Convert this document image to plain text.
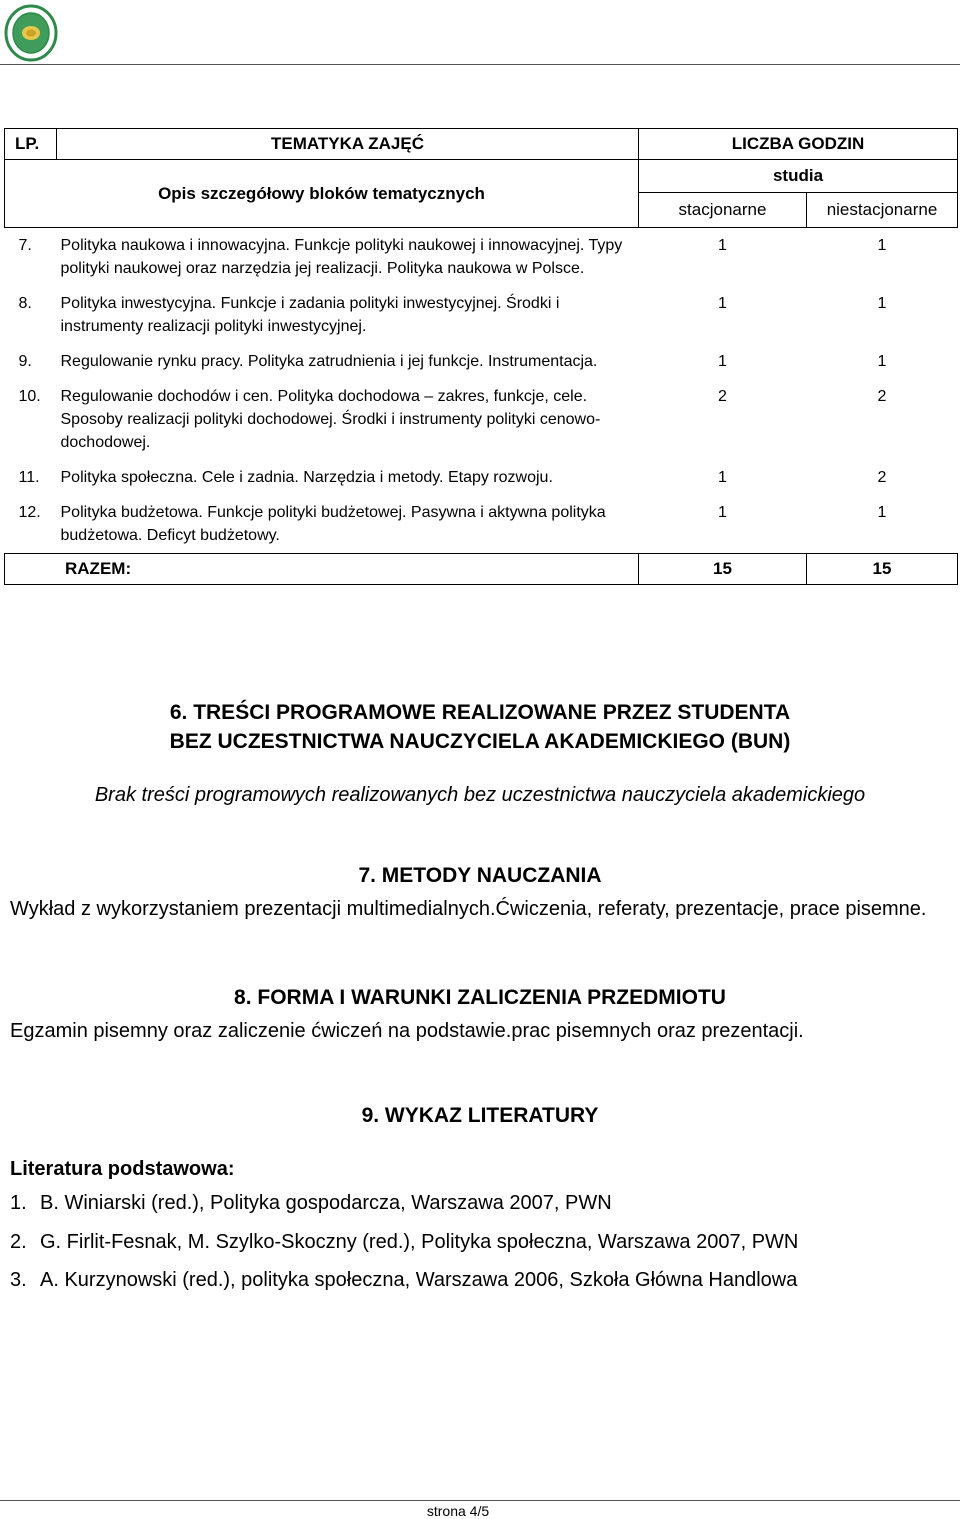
LP.	TEMATYKA ZAJĘĆ	LICZBA GODZIN	
Opis szczegółowy bloków tematycznych		studia	
		stacjonarne	niestacjonarne
7.	Polityka naukowa i innowacyjna. Funkcje polityki naukowej i innowacyjnej. Typy polityki naukowej oraz narzędzia jej realizacji. Polityka naukowa w Polsce.	1	1
8.	Polityka inwestycyjna. Funkcje i zadania polityki inwestycyjnej. Środki i instrumenty realizacji polityki inwestycyjnej.	1	1
9.	Regulowanie rynku pracy. Polityka zatrudnienia i jej funkcje. Instrumentacja.	1	1
10.	Regulowanie dochodów i cen. Polityka dochodowa – zakres, funkcje, cele. Sposoby realizacji polityki dochodowej. Środki i instrumenty polityki cenowo-dochodowej.	2	2
11.	Polityka społeczna. Cele i zadnia. Narzędzia i metody. Etapy rozwoju.	1	2
12.	Polityka budżetowa. Funkcje polityki budżetowej. Pasywna i aktywna polityka budżetowa. Deficyt budżetowy.	1	1
RAZEM:		15	15
6. TREŚCI PROGRAMOWE REALIZOWANE PRZEZ STUDENTA
BEZ UCZESTNICTWA NAUCZYCIELA AKADEMICKIEGO (BUN)
Brak treści programowych realizowanych bez uczestnictwa nauczyciela akademickiego
7. METODY NAUCZANIA
Wykład z wykorzystaniem prezentacji multimedialnych.Ćwiczenia, referaty, prezentacje, prace pisemne.
8. FORMA I WARUNKI ZALICZENIA PRZEDMIOTU
Egzamin pisemny oraz zaliczenie ćwiczeń na podstawie.prac pisemnych oraz prezentacji.
9. WYKAZ LITERATURY
Literatura podstawowa:
1. B. Winiarski (red.), Polityka gospodarcza, Warszawa 2007, PWN
2. G. Firlit-Fesnak, M. Szylko-Skoczny (red.), Polityka społeczna, Warszawa 2007, PWN
3. A. Kurzynowski (red.), polityka społeczna, Warszawa 2006, Szkoła Główna Handlowa
strona 4/5
